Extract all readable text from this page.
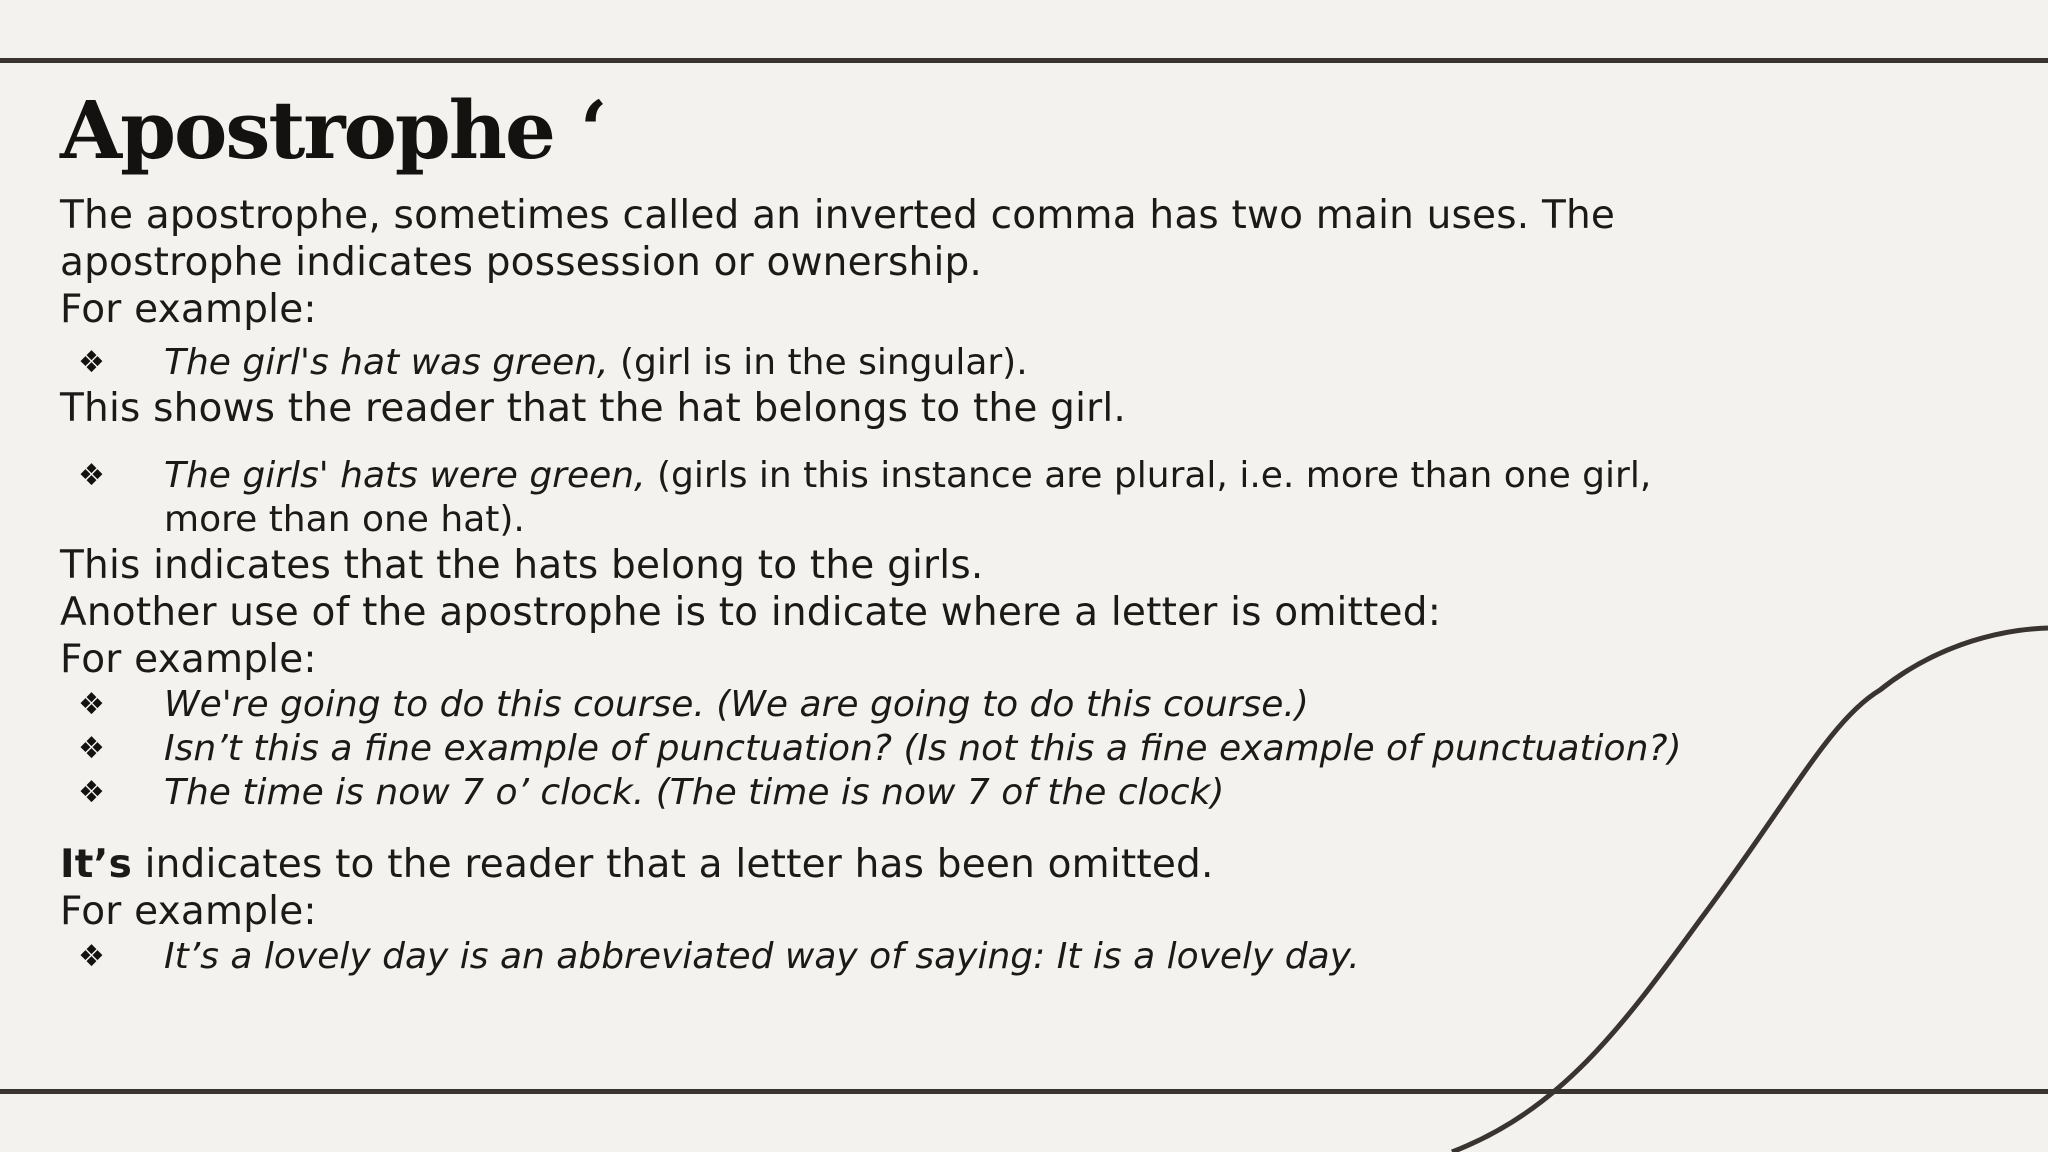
Apostrophe ‘

The apostrophe, sometimes called an inverted comma has two main uses. The apostrophe indicates possession or ownership.

For example:

❖	The girl's hat was green, (girl is in the singular).

This shows the reader that the hat belongs to the girl.

❖	The girls' hats were green, (girls in this instance are plural, i.e. more than one girl, more than one hat).

This indicates that the hats belong to the girls.

Another use of the apostrophe is to indicate where a letter is omitted:

For example:

❖	We're going to do this course. (We are going to do this course.)
❖	Isn’t this a fine example of punctuation? (Is not this a fine example of punctuation?)
❖	The time is now 7 o’ clock. (The time is now 7 of the clock)

It’s indicates to the reader that a letter has been omitted.

For example:

❖	It’s a lovely day is an abbreviated way of saying: It is a lovely day.
